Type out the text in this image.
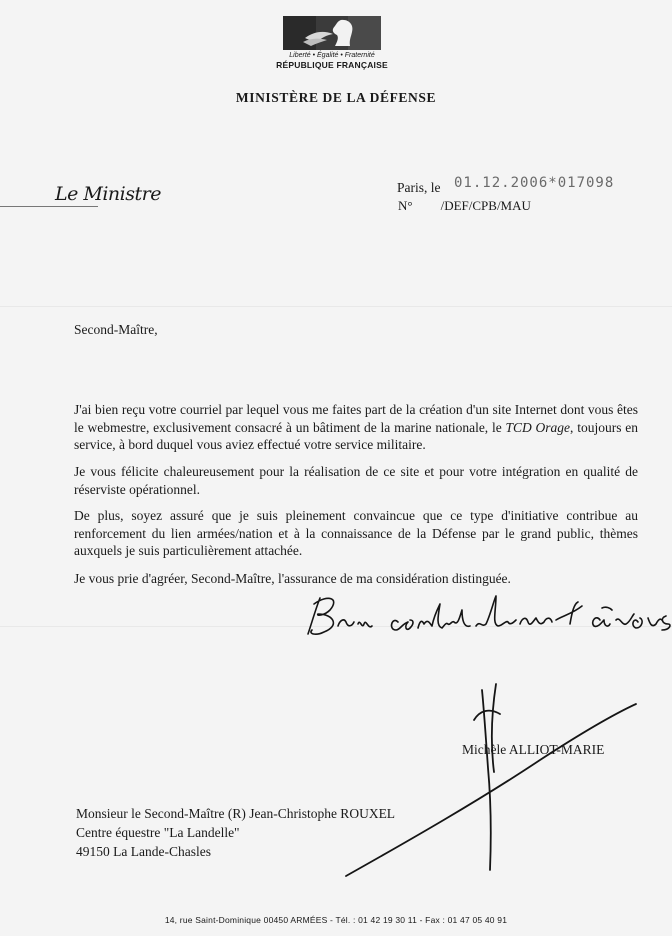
Liberté • Égalité • Fraternité
RÉPUBLIQUE FRANÇAISE
MINISTÈRE DE LA DÉFENSE
Le Ministre	Paris, le 01.12.2006*017098
N° /DEF/CPB/MAU
Second-Maître,
J'ai bien reçu votre courriel par lequel vous me faites part de la création d'un site Internet dont vous êtes le webmestre, exclusivement consacré à un bâtiment de la marine nationale, le TCD Orage, toujours en service, à bord duquel vous aviez effectué votre service militaire.
Je vous félicite chaleureusement pour la réalisation de ce site et pour votre intégration en qualité de réserviste opérationnel.
De plus, soyez assuré que je suis pleinement convaincue que ce type d'initiative contribue au renforcement du lien armées/nation et à la connaissance de la Défense par le grand public, thèmes auxquels je suis particulièrement attachée.
Je vous prie d'agréer, Second-Maître, l'assurance de ma considération distinguée.
Michèle ALLIOT-MARIE
Monsieur le Second-Maître (R) Jean-Christophe ROUXEL
Centre équestre "La Landelle"
49150 La Lande-Chasles
14, rue Saint-Dominique 00450 ARMÉES - Tél. : 01 42 19 30 11 - Fax : 01 47 05 40 91
